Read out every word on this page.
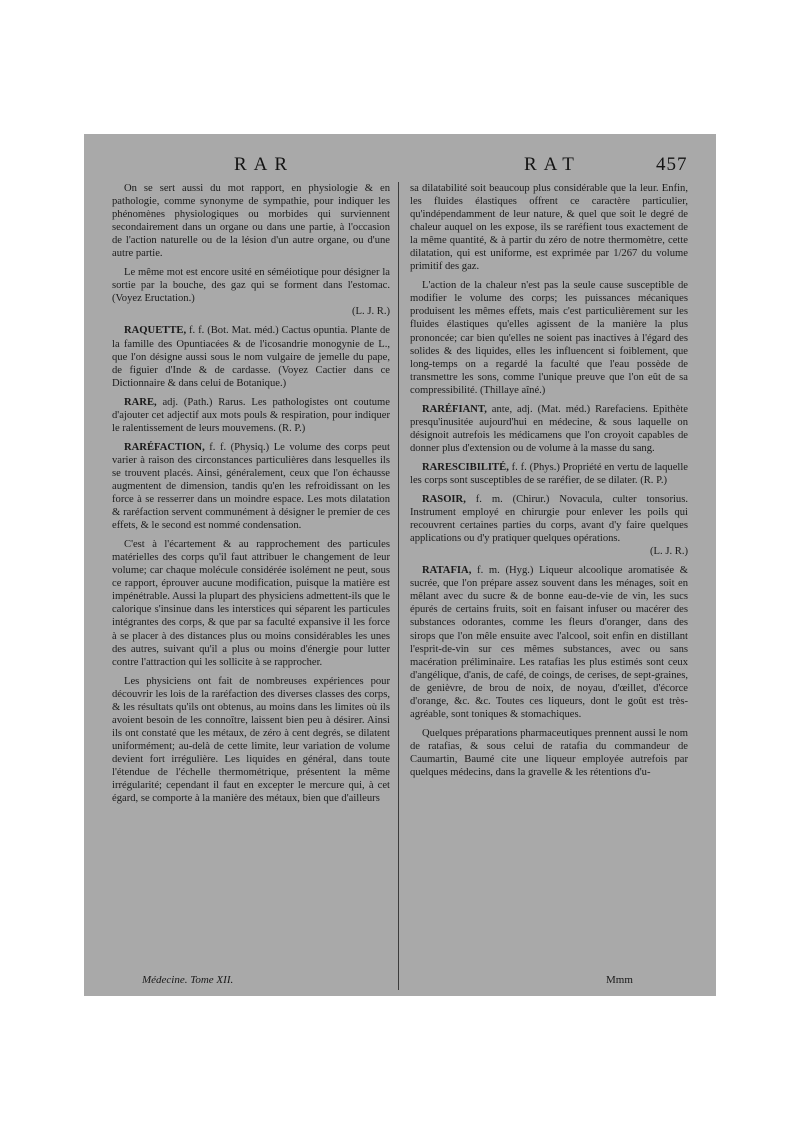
RAR	RAT	457

On se sert aussi du mot rapport, en physiologie & en pathologie, comme synonyme de sympathie, pour indiquer les phénomènes physiologiques ou morbides qui surviennent secondairement dans un organe ou dans une partie, à l'occasion de l'action naturelle ou de la lésion d'un autre organe, ou d'une autre partie.

Le même mot est encore usité en séméiotique pour désigner la sortie par la bouche, des gaz qui se forment dans l'estomac. (Voyez Eructation.)

(L. J. R.)

RAQUETTE, f. f. (Bot. Mat. méd.) Cactus opuntia. Plante de la famille des Opuntiacées & de l'icosandrie monogynie de L., que l'on désigne aussi sous le nom vulgaire de jemelle du pape, de figuier d'Inde & de cardasse. (Voyez Cactier dans ce Dictionnaire & dans celui de Botanique.)

RARE, adj. (Path.) Rarus. Les pathologistes ont coutume d'ajouter cet adjectif aux mots pouls & respiration, pour indiquer le ralentissement de leurs mouvemens. (R. P.)

RARÉFACTION, f. f. (Physiq.) Le volume des corps peut varier à raison des circonstances particulières dans lesquelles ils se trouvent placés. Ainsi, généralement, ceux que l'on échausse augmentent de dimension, tandis qu'en les refroidissant on les force à se resserrer dans un moindre espace. Les mots dilatation & raréfaction servent communément à désigner le premier de ces effets, & le second est nommé condensation.

C'est à l'écartement & au rapprochement des particules matérielles des corps qu'il faut attribuer le changement de leur volume; car chaque molécule considérée isolément ne peut, sous ce rapport, éprouver aucune modification, puisque la matière est impénétrable. Aussi la plupart des physiciens admettent-ils que le calorique s'insinue dans les interstices qui séparent les particules intégrantes des corps, & que par sa faculté expansive il les force à se placer à des distances plus ou moins considérables les unes des autres, suivant qu'il a plus ou moins d'énergie pour lutter contre l'attraction qui les sollicite à se rapprocher.

Les physiciens ont fait de nombreuses expériences pour découvrir les lois de la raréfaction des diverses classes des corps, & les résultats qu'ils ont obtenus, au moins dans les limites où ils avoient besoin de les connoître, laissent bien peu à désirer. Ainsi ils ont constaté que les métaux, de zéro à cent degrés, se dilatent uniformément; au-delà de cette limite, leur variation de volume devient fort irrégulière. Les liquides en général, dans toute l'étendue de l'échelle thermométrique, présentent la même irrégularité; cependant il faut en excepter le mercure qui, à cet égard, se comporte à la manière des métaux, bien que d'ailleurs

sa dilatabilité soit beaucoup plus considérable que la leur. Enfin, les fluides élastiques offrent ce caractère particulier, qu'indépendamment de leur nature, & quel que soit le degré de chaleur auquel on les expose, ils se raréfient tous exactement de la même quantité, & à partir du zéro de notre thermomètre, cette dilatation, qui est uniforme, est exprimée par 1/267 du volume primitif des gaz.

L'action de la chaleur n'est pas la seule cause susceptible de modifier le volume des corps; les puissances mécaniques produisent les mêmes effets, mais c'est particulièrement sur les fluides élastiques qu'elles agissent de la manière la plus prononcée; car bien qu'elles ne soient pas inactives à l'égard des solides & des liquides, elles les influencent si foiblement, que long-temps on a regardé la faculté que l'eau possède de transmettre les sons, comme l'unique preuve que l'on eût de sa compressibilité. (Thillaye aîné.)

RARÉFIANT, ante, adj. (Mat. méd.) Rarefaciens. Epithète presqu'inusitée aujourd'hui en médecine, & sous laquelle on désignoit autrefois les médicamens que l'on croyoit capables de donner plus d'extension ou de volume à la masse du sang.

RARESCIBILITÉ, f. f. (Phys.) Propriété en vertu de laquelle les corps sont susceptibles de se raréfier, de se dilater. (R. P.)

RASOIR, f. m. (Chirur.) Novacula, culter tonsorius. Instrument employé en chirurgie pour enlever les poils qui recouvrent certaines parties du corps, avant d'y faire quelques applications ou d'y pratiquer quelques opérations.

(L. J. R.)

RATAFIA, f. m. (Hyg.) Liqueur alcoolique aromatisée & sucrée, que l'on prépare assez souvent dans les ménages, soit en mêlant avec du sucre & de bonne eau-de-vie de vin, les sucs épurés de certains fruits, soit en faisant infuser ou macérer des substances odorantes, comme les fleurs d'oranger, dans des sirops que l'on mêle ensuite avec l'alcool, soit enfin en distillant l'esprit-de-vin sur ces mêmes substances, avec ou sans macération préliminaire. Les ratafias les plus estimés sont ceux d'angélique, d'anis, de café, de coings, de cerises, de sept-graines, de genièvre, de brou de noix, de noyau, d'œillet, d'écorce d'orange, &c. &c. Toutes ces liqueurs, dont le goût est très-agréable, sont toniques & stomachiques.

Quelques préparations pharmaceutiques prennent aussi le nom de ratafias, & sous celui de ratafia du commandeur de Caumartin, Baumé cite une liqueur employée autrefois par quelques médecins, dans la gravelle & les rétentions d'u-

Médecine. Tome XII.	Mmm
